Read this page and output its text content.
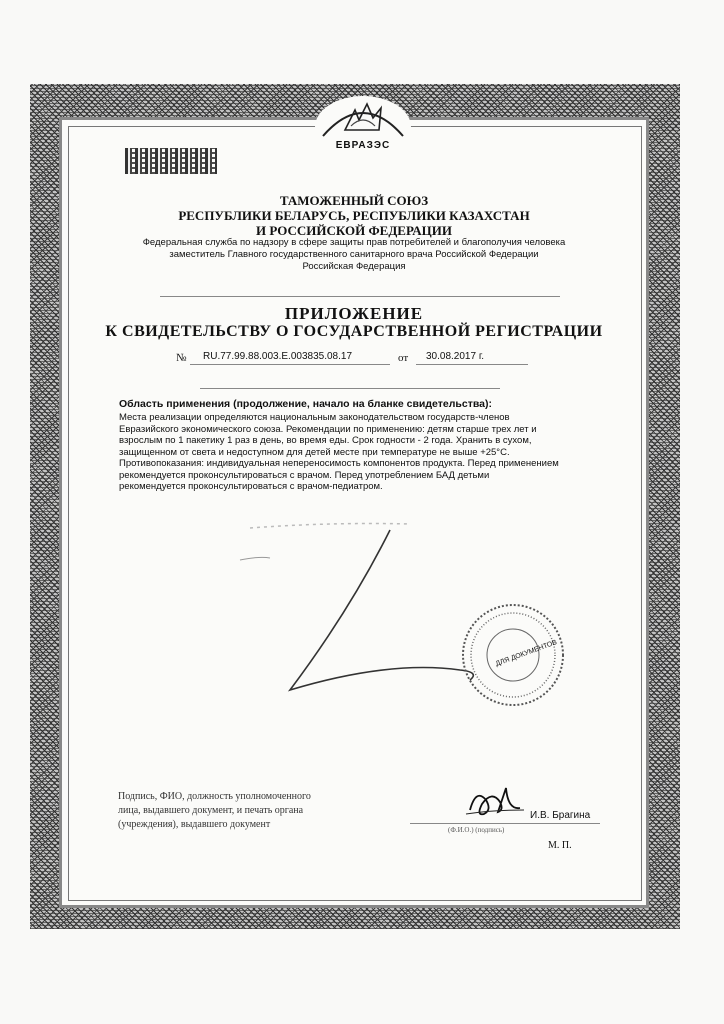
ЕВРАЗЭС
ТАМОЖЕННЫЙ СОЮЗ
РЕСПУБЛИКИ БЕЛАРУСЬ, РЕСПУБЛИКИ КАЗАХСТАН
И РОССИЙСКОЙ ФЕДЕРАЦИИ
Федеральная служба по надзору в сфере защиты прав потребителей и благополучия человека
заместитель Главного государственного санитарного врача Российской Федерации
Российская Федерация
ПРИЛОЖЕНИЕ
К СВИДЕТЕЛЬСТВУ О ГОСУДАРСТВЕННОЙ РЕГИСТРАЦИИ
№ RU.77.99.88.003.E.003835.08.17	от 30.08.2017 г.
Область применения (продолжение, начало на бланке свидетельства):
Места реализации определяются национальным законодательством государств-членов
Евразийского экономического союза. Рекомендации по применению: детям старше трех лет и
взрослым по 1 пакетику 1 раз в день, во время еды. Срок годности - 2 года. Хранить в сухом,
защищенном от света и недоступном для детей месте при температуре не выше +25°С.
Противопоказания: индивидуальная непереносимость компонентов продукта. Перед применением
рекомендуется проконсультироваться с врачом. Перед употреблением БАД детьми
рекомендуется проконсультироваться с врачом-педиатром.
ДЛЯ ДОКУМЕНТОВ
Подпись, ФИО, должность уполномоченного
лица, выдавшего документ, и печать органа
(учреждения), выдавшего документ
И.В. Брагина
(Ф.И.О.) (подпись)
М. П.
